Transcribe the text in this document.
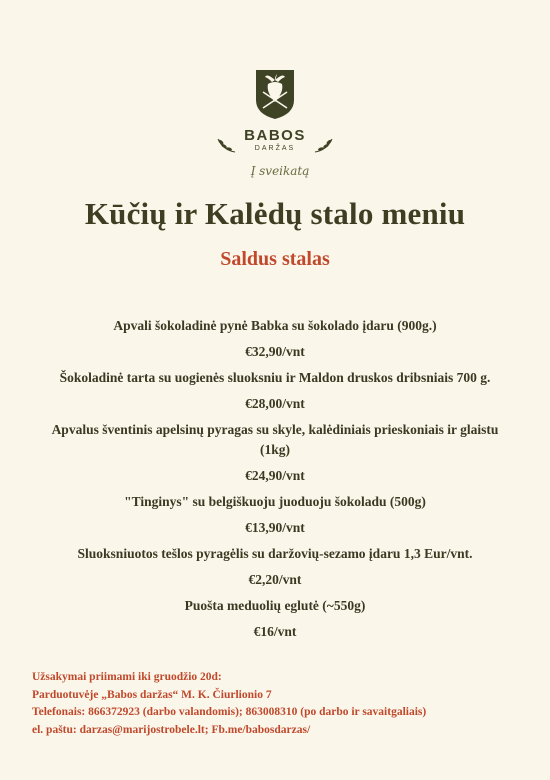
BABOS
DARŽAS
Į sveikatą
Kūčių ir Kalėdų stalo meniu
Saldus stalas
Apvali šokoladinė pynė Babka su šokolado įdaru (900g.)
€32,90/vnt
Šokoladinė tarta su uogienės sluoksniu ir Maldon druskos dribsniais 700 g.
€28,00/vnt
Apvalus šventinis apelsinų pyragas su skyle, kalėdiniais prieskoniais ir glaistu (1kg)
€24,90/vnt
"Tinginys" su belgiškuoju juoduoju šokoladu (500g)
€13,90/vnt
Sluoksniuotos tešlos pyragėlis su daržovių-sezamo įdaru 1,3 Eur/vnt.
€2,20/vnt
Puošta meduolių eglutė (~550g)
€16/vnt
Užsakymai priimami iki gruodžio 20d:
Parduotuvėje „Babos daržas“ M. K. Čiurlionio 7
Telefonais: 866372923 (darbo valandomis); 863008310 (po darbo ir savaitgaliais)
el. paštu: darzas@marijostrobele.lt; Fb.me/babosdarzas/
